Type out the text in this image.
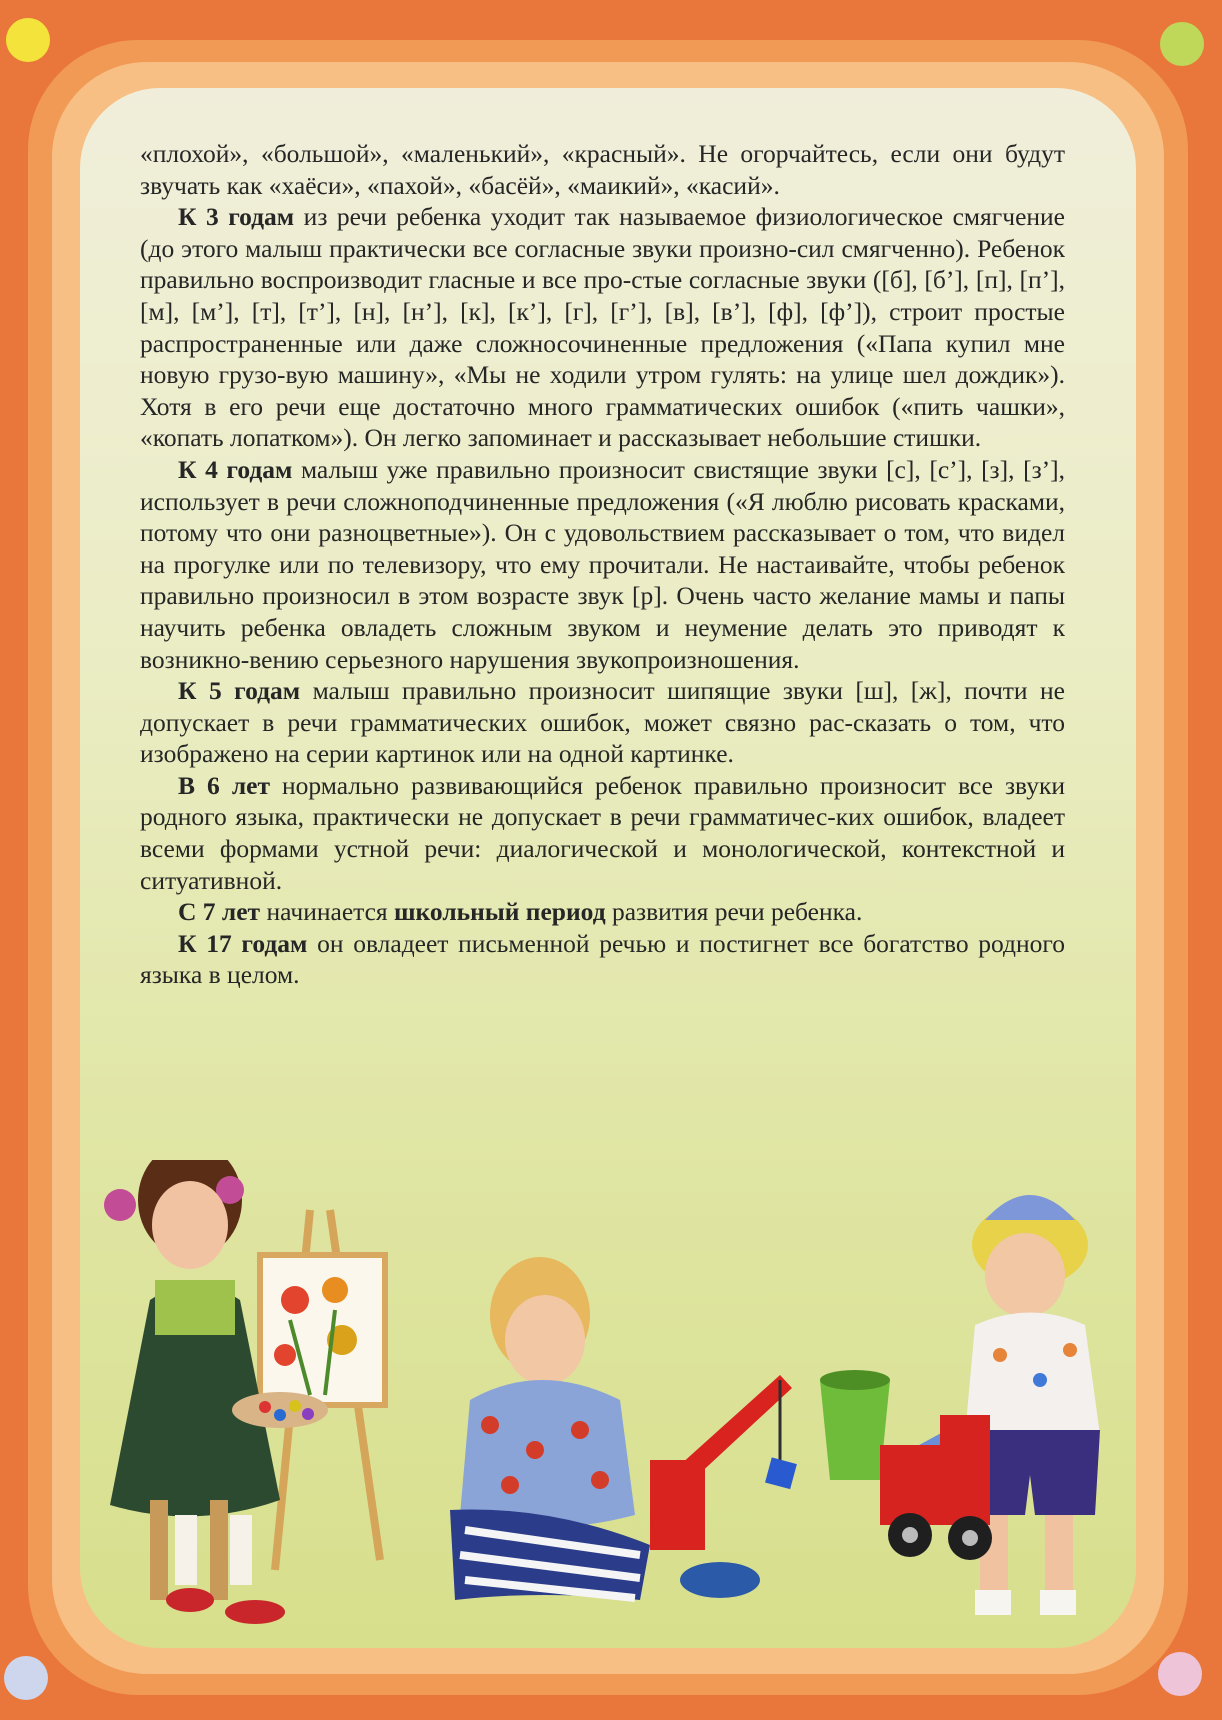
«плохой», «большой», «маленький», «красный». Не огорчайтесь, если они будут звучать как «хаёси», «пахой», «басёй», «маикий», «касий».

К 3 годам из речи ребенка уходит так называемое физиологическое смягчение (до этого малыш практически все согласные звуки произно-сил смягченно). Ребенок правильно воспроизводит гласные и все про-стые согласные звуки ([б], [б’], [п], [п’], [м], [м’], [т], [т’], [н], [н’], [к], [к’], [г], [г’], [в], [в’], [ф], [ф’]), строит простые распространенные или даже сложносочиненные предложения («Папа купил мне новую грузо-вую машину», «Мы не ходили утром гулять: на улице шел дождик»). Хотя в его речи еще достаточно много грамматических ошибок («пить чашки», «копать лопатком»). Он легко запоминает и рассказывает небольшие стишки.

К 4 годам малыш уже правильно произносит свистящие звуки [с], [с’], [з], [з’], использует в речи сложноподчиненные предложения («Я люблю рисовать красками, потому что они разноцветные»). Он с удовольствием рассказывает о том, что видел на прогулке или по телевизору, что ему прочитали. Не настаивайте, чтобы ребенок правильно произносил в этом возрасте звук [р]. Очень часто желание мамы и папы научить ребенка овладеть сложным звуком и неумение делать это приводят к возникно-вению серьезного нарушения звукопроизношения.

К 5 годам малыш правильно произносит шипящие звуки [ш], [ж], почти не допускает в речи грамматических ошибок, может связно рас-сказать о том, что изображено на серии картинок или на одной картинке.

В 6 лет нормально развивающийся ребенок правильно произносит все звуки родного языка, практически не допускает в речи грамматичес-ких ошибок, владеет всеми формами устной речи: диалогической и монологической, контекстной и ситуативной.

С 7 лет начинается школьный период развития речи ребенка.

К 17 годам он овладеет письменной речью и постигнет все богатство родного языка в целом.
